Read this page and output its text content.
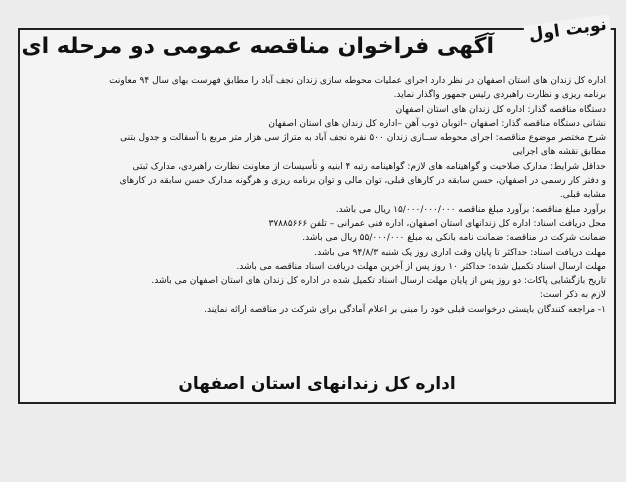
نوبت اول
آگهی فراخوان مناقصه عمومی دو مرحله ای

اداره کل زندان های استان اصفهان در نظر دارد اجرای عملیات محوطه سازی زندان نجف آباد را مطابق فهرست بهای سال ۹۴ معاونت

برنامه ریزی و نظارت راهبردی رئیس جمهور واگذار نماید.

دستگاه مناقصه گذار: اداره کل زندان های استان اصفهان

نشانی دستگاه مناقصه گذار: اصفهان –اتوبان ذوب آهن –اداره کل زندان های استان اصفهان

شرح مختصر موضوع مناقصه: اجرای محوطه ســازی زندان ۵۰۰ نفره نجف آباد به متراژ سی هزار متر مربع با آسفالت و جدول بتنی

مطابق نقشه های اجرایی

حداقل شرایط: مدارک صلاحیت و گواهینامه های لازم: گواهینامه رتبه ۴ ابنیه و تأسیسات از معاونت نظارت راهبردی، مدارک ثبتی

و دفتر کار رسمی در اصفهان، حسن سابقه در کارهای قبلی، توان مالی و توان برنامه ریزی و هرگونه مدارک حسن سابقه در کارهای

مشابه قبلی.

برآورد مبلغ مناقصه: برآورد مبلغ مناقصه ۱۵/۰۰۰/۰۰۰/۰۰۰ ریال می باشد.

محل دریافت اسناد: اداره کل زندانهای استان اصفهان، اداره فنی عمرانی – تلفن ۳۷۸۸۵۶۶۶

ضمانت شرکت در مناقصه: ضمانت نامه بانکی به مبلغ ۵۵/۰۰۰/۰۰۰ ریال می باشد.

مهلت دریافت اسناد: حداکثر تا پایان وقت اداری روز یک شنبه ۹۴/۸/۳ می باشد.

مهلت ارسال اسناد تکمیل شده: حداکثر ۱۰ روز پس از آخرین مهلت دریافت اسناد مناقصه می باشد.

تاریخ بازگشایی پاکات: دو روز پس از پایان مهلت ارسال اسناد تکمیل شده در اداره کل زندان های استان اصفهان می باشد.

لازم به ذکر است:

۱- مراجعه کنندگان بایستی درخواست قبلی خود را مبنی بر اعلام آمادگی برای شرکت در مناقصه ارائه نمایند.

اداره کل زندانهای استان اصفهان
